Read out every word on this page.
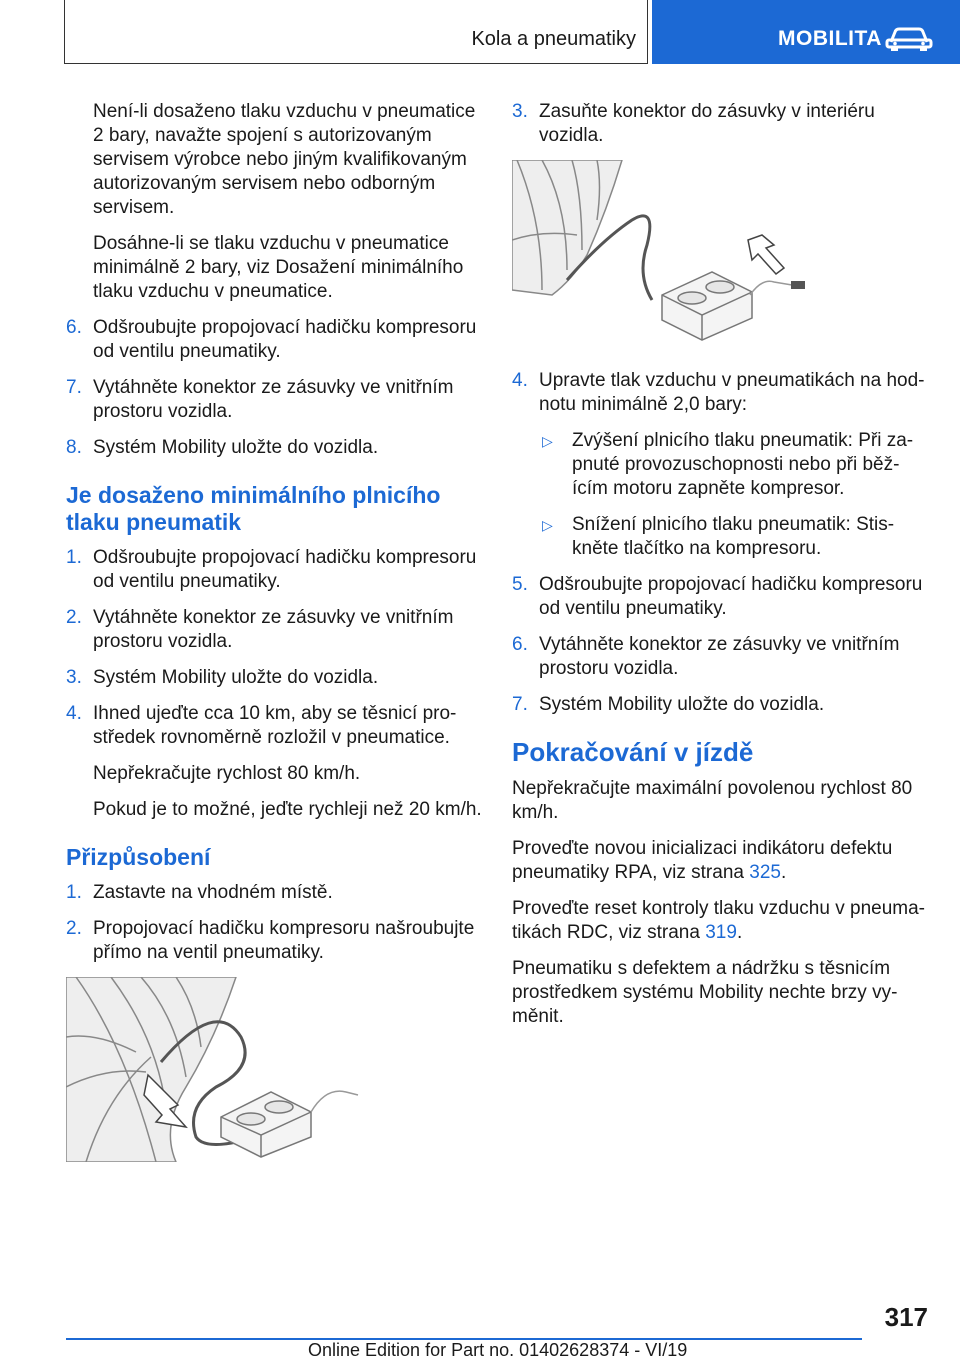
Kola a pneumatiky	MOBILITA

Není-li dosaženo tlaku vzduchu v pneumatice 2 bary, navažte spojení s autorizovaným servisem výrobce nebo jiným kvalifikovaným autorizovaným servisem nebo odborným servisem.

Dosáhne-li se tlaku vzduchu v pneumatice minimálně 2 bary, viz Dosažení minimálního tlaku vzduchu v pneumatice.

6. Odšroubujte propojovací hadičku kompresoru od ventilu pneumatiky.
7. Vytáhněte konektor ze zásuvky ve vnitřním prostoru vozidla.
8. Systém Mobility uložte do vozidla.
Je dosaženo minimálního plnicího tlaku pneumatik
1. Odšroubujte propojovací hadičku kompresoru od ventilu pneumatiky.
2. Vytáhněte konektor ze zásuvky ve vnitřním prostoru vozidla.
3. Systém Mobility uložte do vozidla.
4. Ihned ujeďte cca 10 km, aby se těsnicí prostředek rovnoměrně rozložil v pneumatice.

Nepřekračujte rychlost 80 km/h.

Pokud je to možné, jeďte rychleji než 20 km/h.

Přizpůsobení
1. Zastavte na vhodném místě.
2. Propojovací hadičku kompresoru našroubujte přímo na ventil pneumatiky.
3. Zasuňte konektor do zásuvky v interiéru vozidla.
4. Upravte tlak vzduchu v pneumatikách na hodnotu minimálně 2,0 bary:
▷ Zvýšení plnicího tlaku pneumatik: Při zapnuté provozuschopnosti nebo při běžícím motoru zapněte kompresor.
▷ Snížení plnicího tlaku pneumatik: Stiskněte tlačítko na kompresoru.
5. Odšroubujte propojovací hadičku kompresoru od ventilu pneumatiky.
6. Vytáhněte konektor ze zásuvky ve vnitřním prostoru vozidla.
7. Systém Mobility uložte do vozidla.
Pokračování v jízdě

Nepřekračujte maximální povolenou rychlost 80 km/h.

Proveďte novou inicializaci indikátoru defektu pneumatiky RPA, viz strana 325.

Proveďte reset kontroly tlaku vzduchu v pneumatikách RDC, viz strana 319.

Pneumatiku s defektem a nádržku s těsnicím prostředkem systému Mobility nechte brzy vyměnit.

317
Online Edition for Part no. 01402628374 - VI/19
